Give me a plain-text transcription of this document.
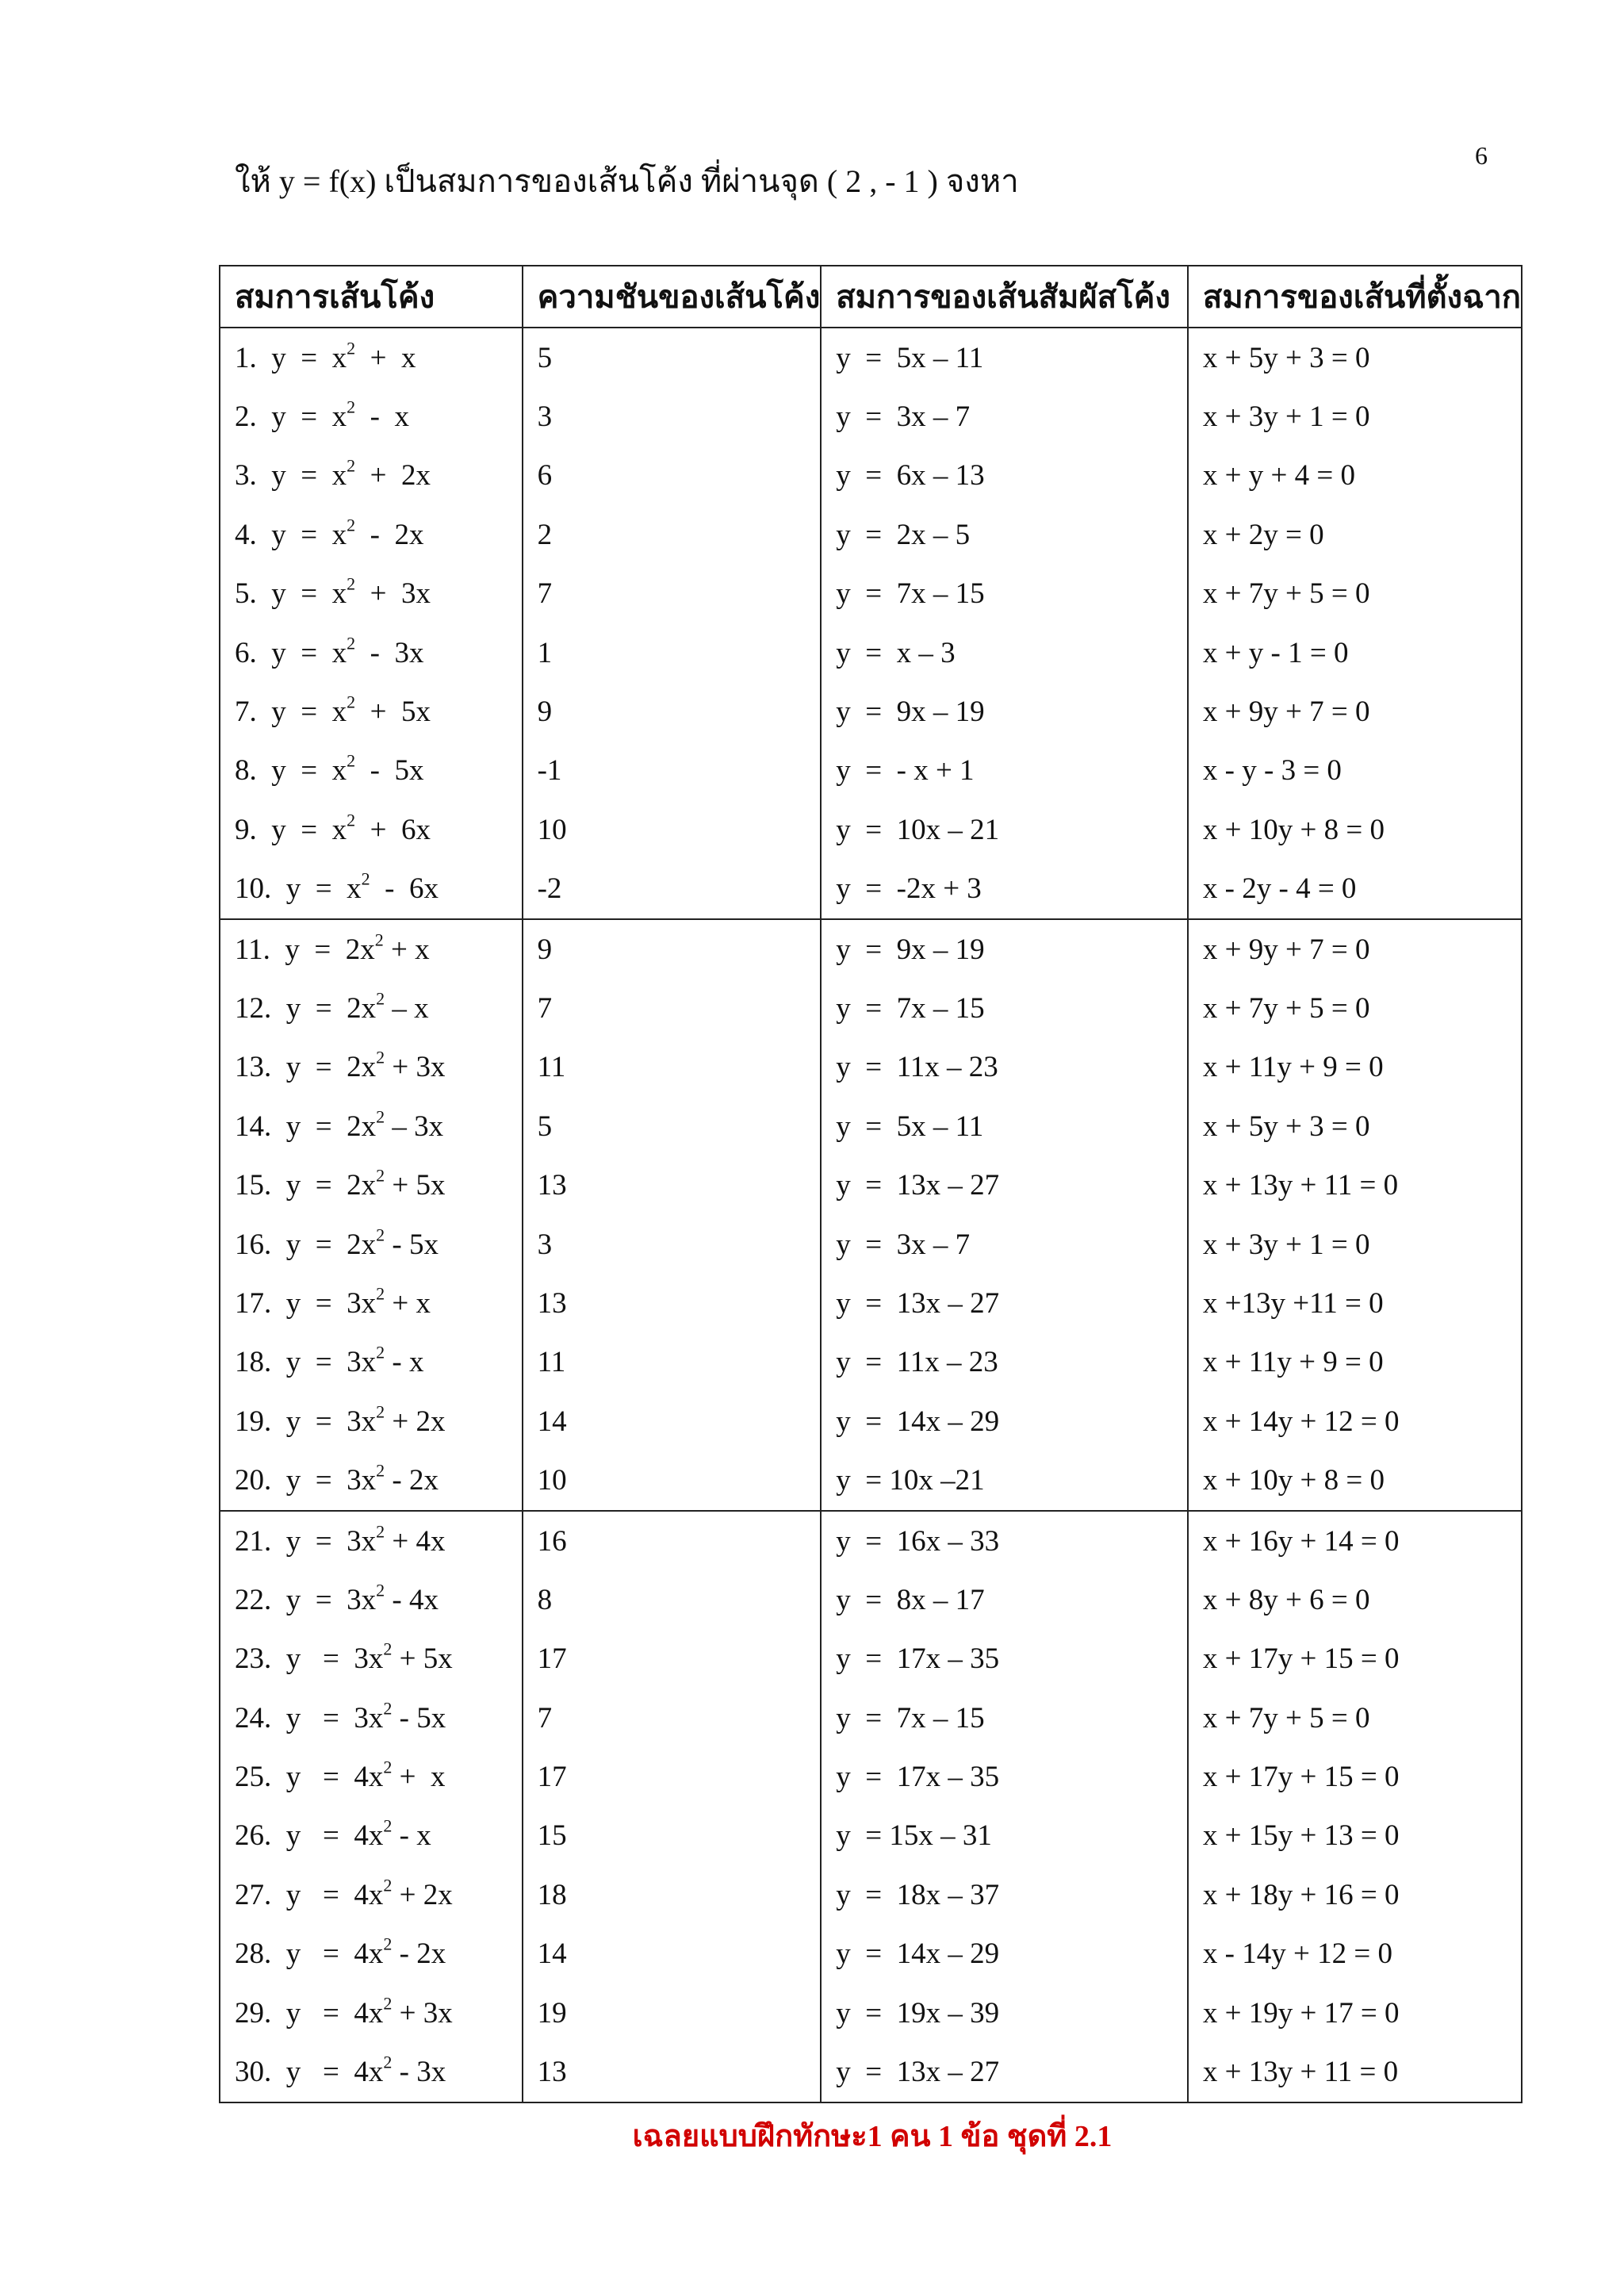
6
ให้ y = f(x) เป็นสมการของเส้นโค้ง ที่ผ่านจุด ( 2 , - 1 ) จงหา
สมการเส้นโค้ง	ความชันของเส้นโค้ง	สมการของเส้นสัมผัสโค้ง	สมการของเส้นที่ตั้งฉาก
1. $y = x^2 + x$	5	y  =  5x – 11	x + 5y + 3 = 0
2. $y = x^2 - x$	3	y  =  3x – 7	x + 3y + 1 = 0
3. $y = x^2 + 2x$	6	y  =  6x – 13	x + y + 4 = 0
4. $y = x^2 - 2x$	2	y  =  2x – 5	x + 2y = 0
5. $y = x^2 + 3x$	7	y  =  7x – 15	x + 7y + 5 = 0
6. $y = x^2 - 3x$	1	y  =  x – 3	x + y - 1 = 0
7. $y = x^2 + 5x$	9	y  =  9x – 19	x + 9y + 7 = 0
8. $y = x^2 - 5x$	-1	y  =  - x + 1	x - y - 3 = 0
9. $y = x^2 + 6x$	10	y  =  10x – 21	x + 10y + 8 = 0
10. $y = x^2 - 6x$	-2	y  =  -2x + 3	x - 2y - 4 = 0
11. $y = 2x^2 + x$	9	y  =  9x – 19	x + 9y + 7 = 0
12. $y = 2x^2 - x$	7	y  =  7x – 15	x + 7y + 5 = 0
13. $y = 2x^2 + 3x$	11	y  =  11x – 23	x + 11y + 9 = 0
14. $y = 2x^2 - 3x$	5	y  =  5x – 11	x + 5y + 3 = 0
15. $y = 2x^2 + 5x$	13	y  =  13x – 27	x + 13y + 11 = 0
16. $y = 2x^2 - 5x$	3	y  =  3x – 7	x + 3y + 1 = 0
17. $y = 3x^2 + x$	13	y  =  13x – 27	x +13y +11 = 0
18. $y = 3x^2 - x$	11	y  =  11x – 23	x + 11y + 9 = 0
19. $y = 3x^2 + 2x$	14	y  =  14x – 29	x + 14y + 12 = 0
20. $y = 3x^2 - 2x$	10	y  = 10x –21	x + 10y + 8 = 0
21. $y = 3x^2 + 4x$	16	y  =  16x – 33	x + 16y + 14 = 0
22. $y = 3x^2 - 4x$	8	y  =  8x – 17	x + 8y + 6 = 0
23. $y = 3x^2 + 5x$	17	y  =  17x – 35	x + 17y + 15 = 0
24. $y = 3x^2 - 5x$	7	y  =  7x – 15	x + 7y + 5 = 0
25. $y = 4x^2 + x$	17	y  =  17x – 35	x + 17y + 15 = 0
26. $y = 4x^2 - x$	15	y  = 15x – 31	x + 15y + 13 = 0
27. $y = 4x^2 + 2x$	18	y  =  18x – 37	x + 18y + 16 = 0
28. $y = 4x^2 - 2x$	14	y  =  14x – 29	x - 14y + 12 = 0
29. $y = 4x^2 + 3x$	19	y  =  19x – 39	x + 19y + 17 = 0
30. $y = 4x^2 - 3x$	13	y  =  13x – 27	x + 13y + 11 = 0
เฉลยแบบฝึกทักษะ1 คน 1 ข้อ ชุดที่ 2.1
